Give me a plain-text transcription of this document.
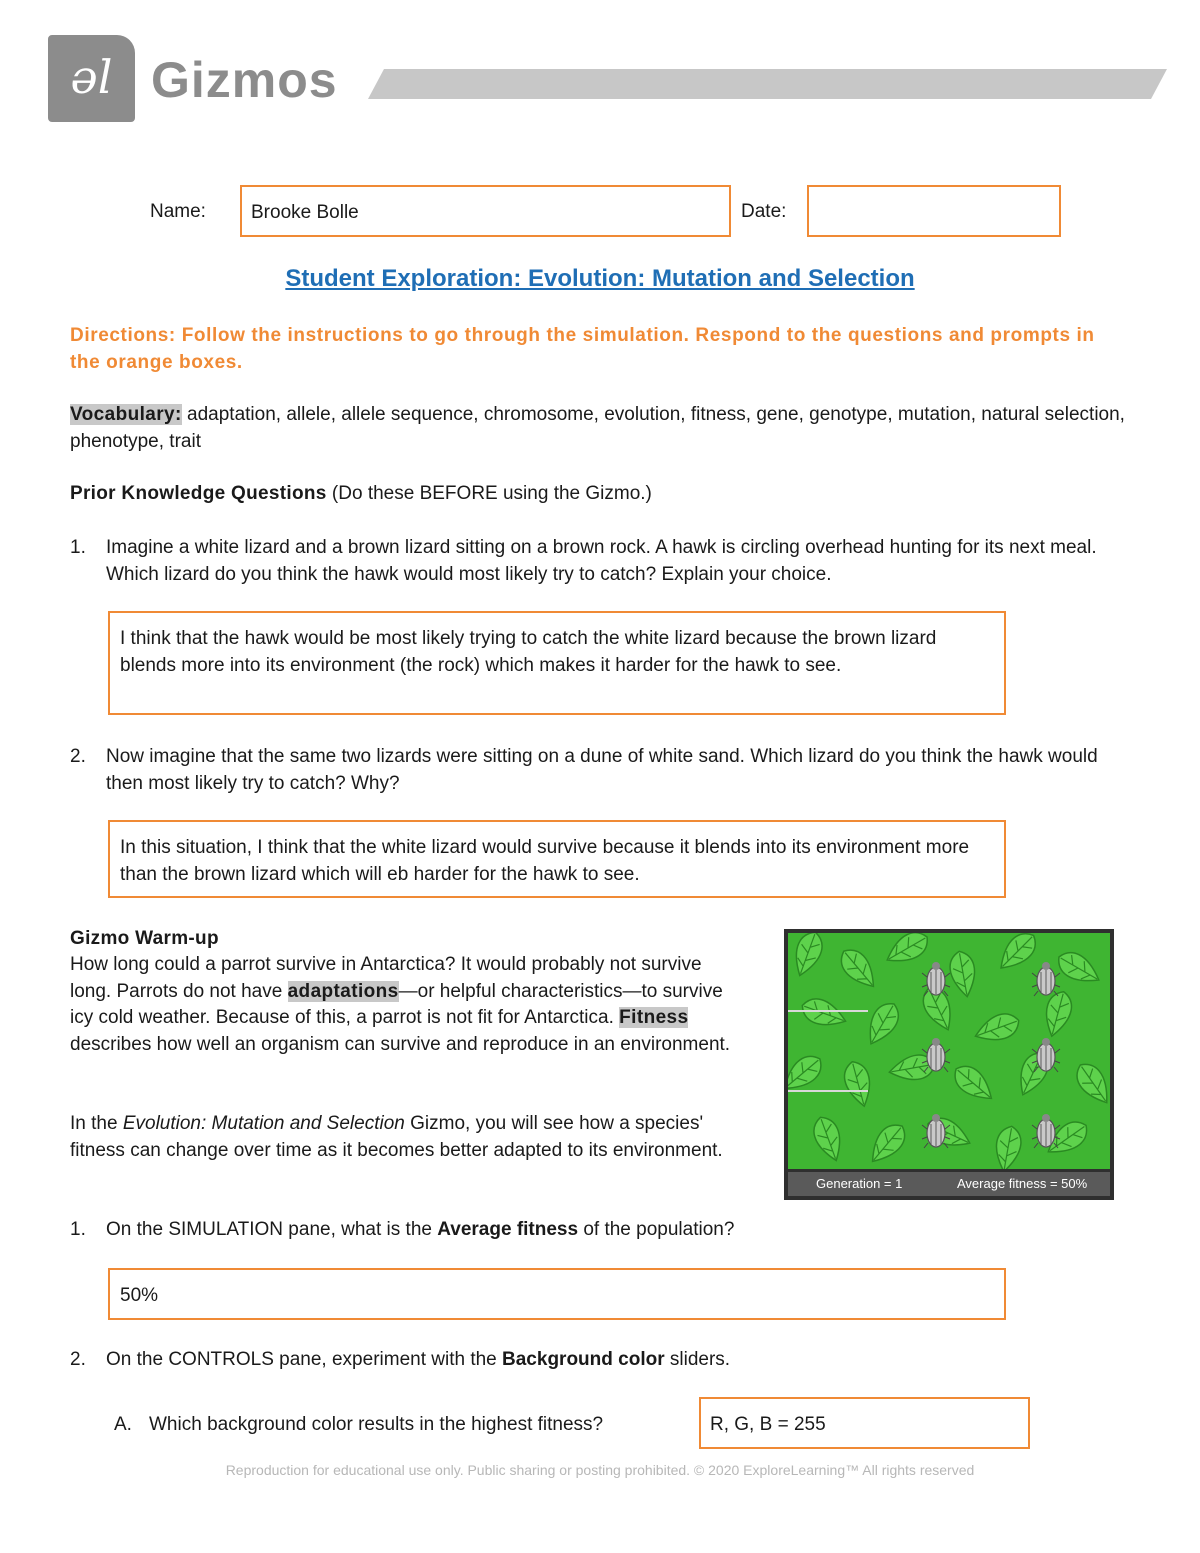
əl Gizmos
Name: Brooke Bolle	Date:
Student Exploration: Evolution: Mutation and Selection
Directions: Follow the instructions to go through the simulation. Respond to the questions and prompts in the orange boxes.
Vocabulary: adaptation, allele, allele sequence, chromosome, evolution, fitness, gene, genotype, mutation, natural selection, phenotype, trait
Prior Knowledge Questions (Do these BEFORE using the Gizmo.)
1.	Imagine a white lizard and a brown lizard sitting on a brown rock. A hawk is circling overhead hunting for its next meal. Which lizard do you think the hawk would most likely try to catch? Explain your choice.
I think that the hawk would be most likely trying to catch the white lizard because the brown lizard blends more into its environment (the rock) which makes it harder for the hawk to see.
2.	Now imagine that the same two lizards were sitting on a dune of white sand. Which lizard do you think the hawk would then most likely try to catch? Why?
In this situation, I think that the white lizard would survive because it blends into its environment more than the brown lizard which will eb harder for the hawk to see.
Gizmo Warm-up
How long could a parrot survive in Antarctica? It would probably not survive long. Parrots do not have adaptations—or helpful characteristics—to survive icy cold weather. Because of this, a parrot is not fit for Antarctica. Fitness describes how well an organism can survive and reproduce in an environment.
In the Evolution: Mutation and Selection Gizmo, you will see how a species' fitness can change over time as it becomes better adapted to its environment.
Generation = 1	Average fitness = 50%
1.	On the SIMULATION pane, what is the Average fitness of the population?
50%
2.	On the CONTROLS pane, experiment with the Background color sliders.
A. Which background color results in the highest fitness?	R, G, B = 255
Reproduction for educational use only. Public sharing or posting prohibited. © 2020 ExploreLearning™ All rights reserved
